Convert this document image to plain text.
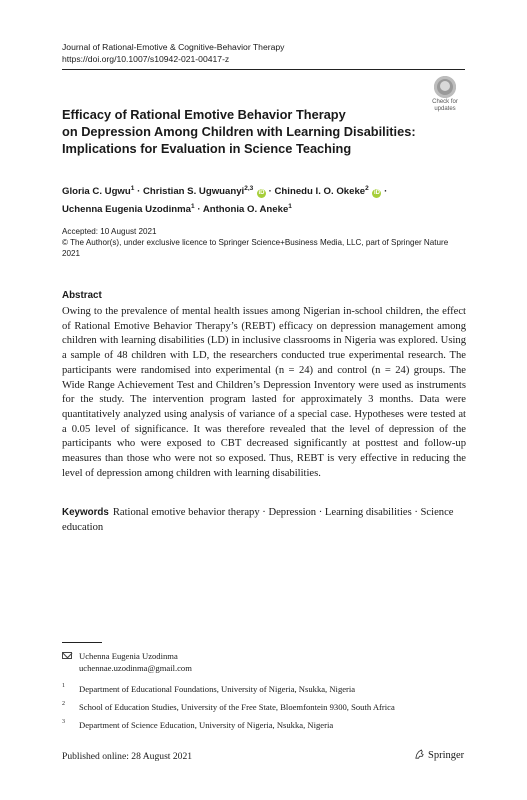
Journal of Rational-Emotive & Cognitive-Behavior Therapy
https://doi.org/10.1007/s10942-021-00417-z
Check for
updates
Efficacy of Rational Emotive Behavior Therapy
on Depression Among Children with Learning Disabilities:
Implications for Evaluation in Science Teaching
Gloria C. Ugwu$^1$ · Christian S. Ugwuanyi$^{2,3}$ iD · Chinedu I. O. Okeke$^2$ iD ·
Uchenna Eugenia Uzodinma$^1$ · Anthonia O. Aneke$^1$
Accepted: 10 August 2021
© The Author(s), under exclusive licence to Springer Science+Business Media, LLC, part of Springer Nature
2021
Abstract
Owing to the prevalence of mental health issues among Nigerian in-school children, the effect of Rational Emotive Behavior Therapy’s (REBT) efficacy on depression management among children with learning disabilities (LD) in inclusive classrooms in Nigeria was explored. Using a sample of 48 children with LD, the researchers conducted true experimental research. The participants were randomised into experimental (n = 24) and control (n = 24) groups. The Wide Range Achievement Test and Children’s Depression Inventory were used as instruments for the study. The intervention program lasted for approximately 3 months. Data were quantitatively analyzed using analysis of variance of a special case. Hypotheses were tested at a 0.05 level of significance. It was therefore revealed that the level of depression of the participants who were exposed to CBT decreased significantly at posttest and follow-up measures than those who were not so exposed. Thus, REBT is very effective in reducing the level of depression among children with learning disabilities.
Keywords Rational emotive behavior therapy · Depression · Learning disabilities · Science education
Uchenna Eugenia Uzodinma
uchennae.uzodinma@gmail.com
1 Department of Educational Foundations, University of Nigeria, Nsukka, Nigeria
2 School of Education Studies, University of the Free State, Bloemfontein 9300, South Africa
3 Department of Science Education, University of Nigeria, Nsukka, Nigeria
Published online: 28 August 2021	Springer
